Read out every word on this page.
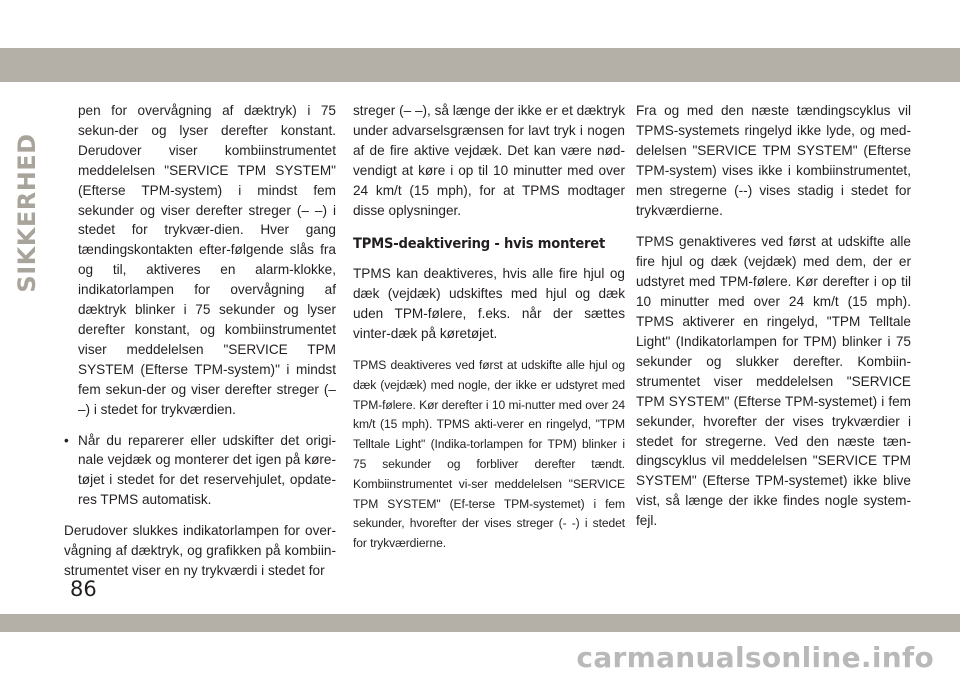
SIKKERHED

pen for overvågning af dæktryk) i 75 sekun-der og lyser derefter konstant. Derudover viser kombiinstrumentet meddelelsen "SERVICE TPM SYSTEM" (Efterse TPM-system) i mindst fem sekunder og viser derefter streger (– –) i stedet for trykvær-dien. Hver gang tændingskontakten efter-følgende slås fra og til, aktiveres en alarm-klokke, indikatorlampen for overvågning af dæktryk blinker i 75 sekunder og lyser derefter konstant, og kombiinstrumentet viser meddelelsen "SERVICE TPM SYSTEM (Efterse TPM-system)" i mindst fem sekun-der og viser derefter streger (– –) i stedet for trykværdien.

• Når du reparerer eller udskifter det origi-nale vejdæk og monterer det igen på køre-tøjet i stedet for det reservehjulet, opdate-res TPMS automatisk.

Derudover slukkes indikatorlampen for over-vågning af dæktryk, og grafikken på kombiin-strumentet viser en ny trykværdi i stedet for

streger (– –), så længe der ikke er et dæktryk under advarselsgrænsen for lavt tryk i nogen af de fire aktive vejdæk. Det kan være nød-vendigt at køre i op til 10 minutter med over 24 km/t (15 mph), for at TPMS modtager disse oplysninger.

TPMS-deaktivering - hvis monteret

TPMS kan deaktiveres, hvis alle fire hjul og dæk (vejdæk) udskiftes med hjul og dæk uden TPM-følere, f.eks. når der sættes vinter-dæk på køretøjet.

TPMS deaktiveres ved først at udskifte alle hjul og dæk (vejdæk) med nogle, der ikke er udstyret med TPM-følere. Kør derefter i 10 mi-nutter med over 24 km/t (15 mph). TPMS akti-verer en ringelyd, "TPM Telltale Light" (Indika-torlampen for TPM) blinker i 75 sekunder og forbliver derefter tændt. Kombiinstrumentet vi-ser meddelelsen "SERVICE TPM SYSTEM" (Ef-terse TPM-systemet) i fem sekunder, hvorefter der vises streger (- -) i stedet for trykværdierne.

Fra og med den næste tændingscyklus vil TPMS-systemets ringelyd ikke lyde, og med-delelsen "SERVICE TPM SYSTEM" (Efterse TPM-system) vises ikke i kombiinstrumentet, men stregerne (--) vises stadig i stedet for trykværdierne.

TPMS genaktiveres ved først at udskifte alle fire hjul og dæk (vejdæk) med dem, der er udstyret med TPM-følere. Kør derefter i op til 10 minutter med over 24 km/t (15 mph). TPMS aktiverer en ringelyd, "TPM Telltale Light" (Indikatorlampen for TPM) blinker i 75 sekunder og slukker derefter. Kombiin-strumentet viser meddelelsen "SERVICE TPM SYSTEM" (Efterse TPM-systemet) i fem sekunder, hvorefter der vises trykværdier i stedet for stregerne. Ved den næste tæn-dingscyklus vil meddelelsen "SERVICE TPM SYSTEM" (Efterse TPM-systemet) ikke blive vist, så længe der ikke findes nogle system-fejl.

86
carmanualsonline.info
